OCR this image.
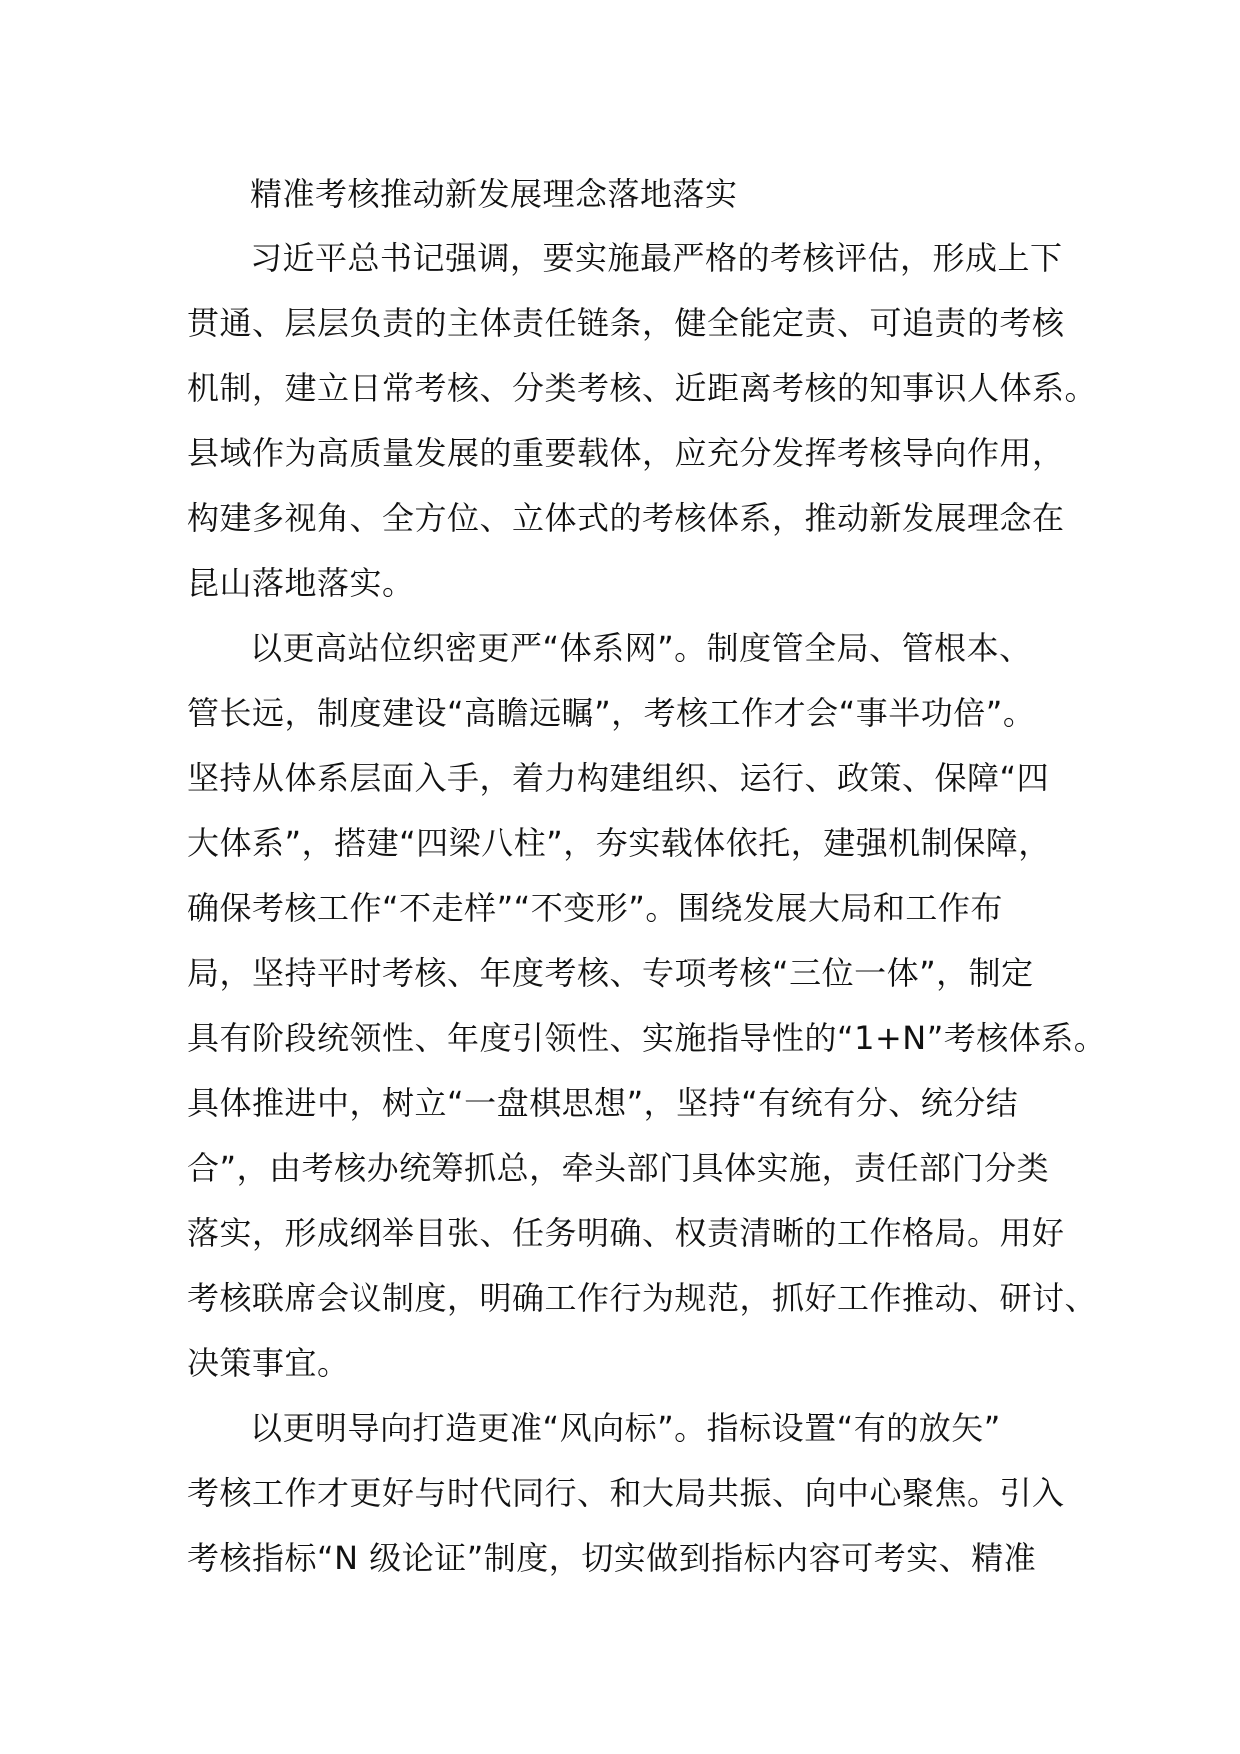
精准考核推动新发展理念落地落实
习近平总书记强调，要实施最严格的考核评估，形成上下
贯通、层层负责的主体责任链条，健全能定责、可追责的考核
机制，建立日常考核、分类考核、近距离考核的知事识人体系。
县域作为高质量发展的重要载体，应充分发挥考核导向作用，
构建多视角、全方位、立体式的考核体系，推动新发展理念在
昆山落地落实。
以更高站位织密更严“体系网”。制度管全局、管根本、
管长远，制度建设“高瞻远瞩”，考核工作才会“事半功倍”。
坚持从体系层面入手，着力构建组织、运行、政策、保障“四
大体系”，搭建“四梁八柱”，夯实载体依托，建强机制保障，
确保考核工作“不走样”“不变形”。围绕发展大局和工作布
局，坚持平时考核、年度考核、专项考核“三位一体”，制定
具有阶段统领性、年度引领性、实施指导性的“1+N”考核体系。
具体推进中，树立“一盘棋思想”，坚持“有统有分、统分结
合”，由考核办统筹抓总，牵头部门具体实施，责任部门分类
落实，形成纲举目张、任务明确、权责清晰的工作格局。用好
考核联席会议制度，明确工作行为规范，抓好工作推动、研讨、
决策事宜。
以更明导向打造更准“风向标”。指标设置“有的放矢”
考核工作才更好与时代同行、和大局共振、向中心聚焦。引入
考核指标“N 级论证”制度，切实做到指标内容可考实、精准
